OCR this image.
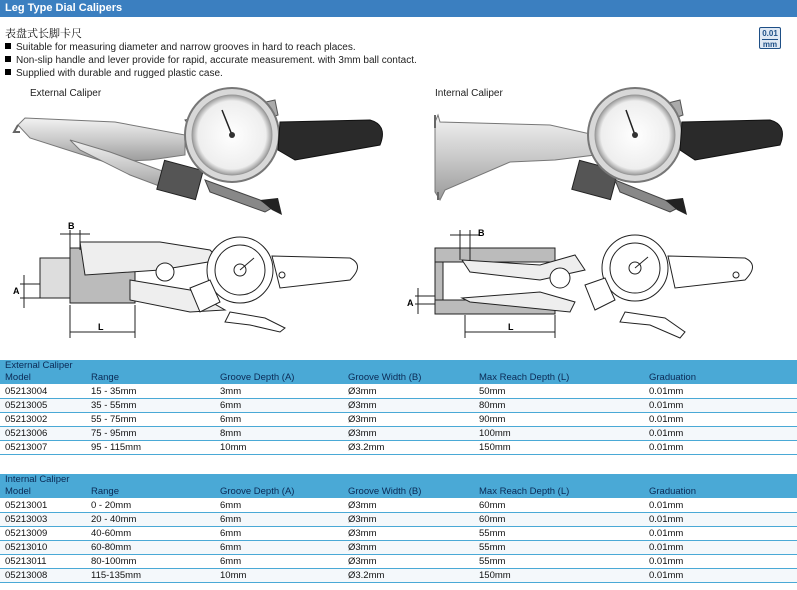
Leg Type Dial Calipers
表盘式长脚卡尺
Suitable for measuring diameter and narrow grooves in hard to reach places.
Non-slip handle and lever provide for rapid, accurate measurement. with 3mm ball contact.
Supplied with durable and rugged plastic case.
0.01
mm
External Caliper	Internal Caliper
B
A
L
B
A
L
External Caliper
Model	Range	Groove Depth (A)	Groove Width (B)	Max Reach Depth (L)	Graduation
05213004	15 - 35mm	3mm	Ø3mm	50mm	0.01mm
05213005	35 - 55mm	6mm	Ø3mm	80mm	0.01mm
05213002	55 - 75mm	6mm	Ø3mm	90mm	0.01mm
05213006	75 - 95mm	8mm	Ø3mm	100mm	0.01mm
05213007	95 - 115mm	10mm	Ø3.2mm	150mm	0.01mm
Internal Caliper
Model	Range	Groove Depth (A)	Groove Width (B)	Max Reach Depth (L)	Graduation
05213001	0 - 20mm	6mm	Ø3mm	60mm	0.01mm
05213003	20 - 40mm	6mm	Ø3mm	60mm	0.01mm
05213009	40-60mm	6mm	Ø3mm	55mm	0.01mm
05213010	60-80mm	6mm	Ø3mm	55mm	0.01mm
05213011	80-100mm	6mm	Ø3mm	55mm	0.01mm
05213008	115-135mm	10mm	Ø3.2mm	150mm	0.01mm
